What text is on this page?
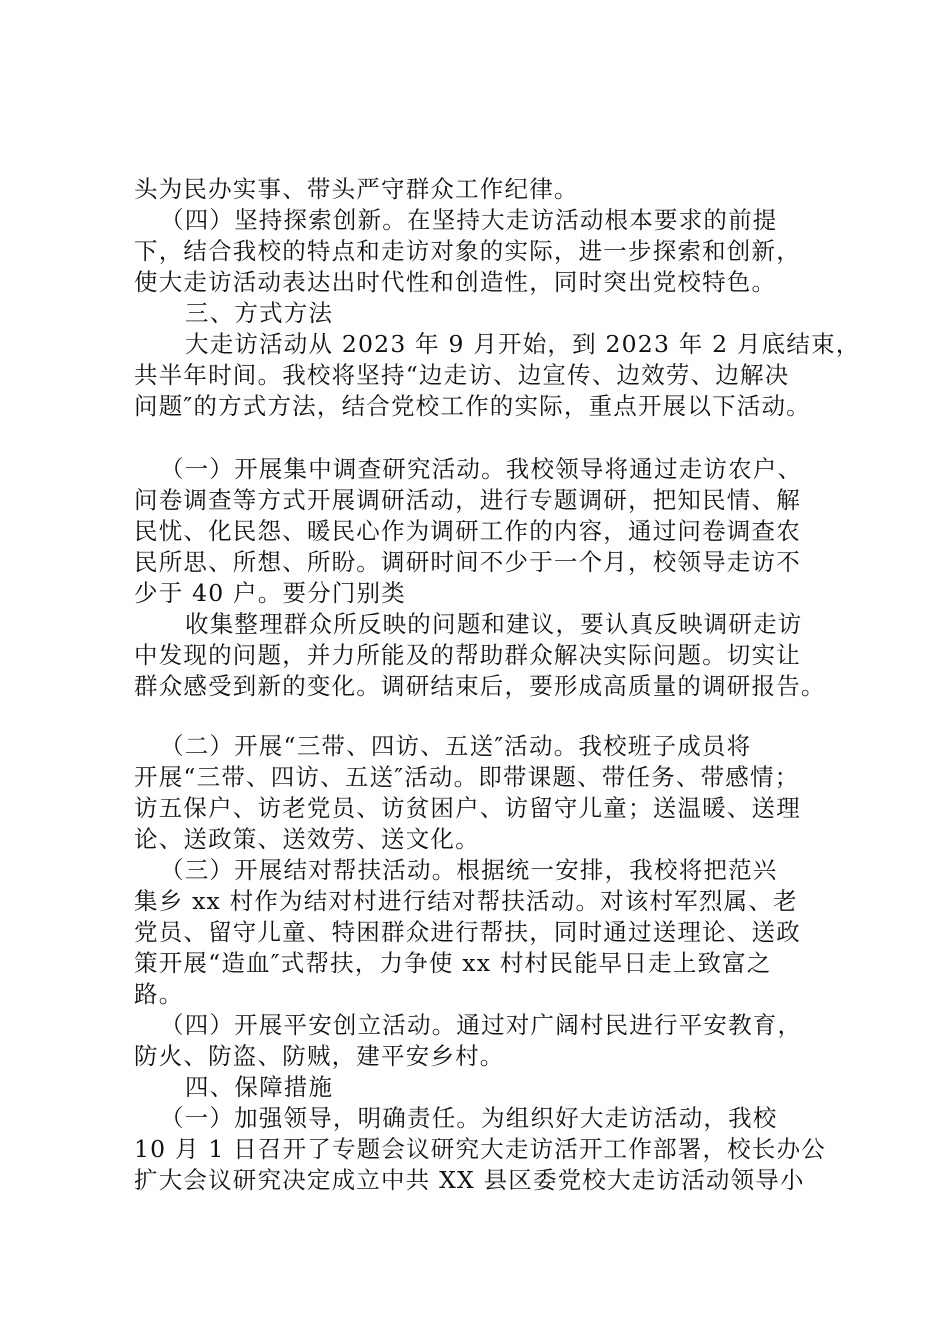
头为民办实事、带头严守群众工作纪律。
（四）坚持探索创新。在坚持大走访活动根本要求的前提
下，结合我校的特点和走访对象的实际，进一步探索和创新，
使大走访活动表达出时代性和创造性，同时突出党校特色。
三、方式方法
大走访活动从 2023 年 9 月开始，到 2023 年 2 月底结束，
共半年时间。我校将坚持“边走访、边宣传、边效劳、边解决
问题″的方式方法，结合党校工作的实际，重点开展以下活动。
（一）开展集中调查研究活动。我校领导将通过走访农户、
问卷调查等方式开展调研活动，进行专题调研，把知民情、解
民忧、化民怨、暖民心作为调研工作的内容，通过问卷调查农
民所思、所想、所盼。调研时间不少于一个月，校领导走访不
少于 40 户。要分门别类
收集整理群众所反映的问题和建议，要认真反映调研走访
中发现的问题，并力所能及的帮助群众解决实际问题。切实让
群众感受到新的变化。调研结束后，要形成高质量的调研报告。
（二）开展“三带、四访、五送″活动。我校班子成员将
开展“三带、四访、五送″活动。即带课题、带任务、带感情；
访五保户、访老党员、访贫困户、访留守儿童；送温暖、送理
论、送政策、送效劳、送文化。
（三）开展结对帮扶活动。根据统一安排，我校将把范兴
集乡 xx 村作为结对村进行结对帮扶活动。对该村军烈属、老
党员、留守儿童、特困群众进行帮扶，同时通过送理论、送政
策开展“造血″式帮扶，力争使 xx 村村民能早日走上致富之
路。
（四）开展平安创立活动。通过对广阔村民进行平安教育，
防火、防盗、防贼，建平安乡村。
四、保障措施
（一）加强领导，明确责任。为组织好大走访活动，我校
10 月 1 日召开了专题会议研究大走访活开工作部署，校长办公
扩大会议研究决定成立中共 XX 县区委党校大走访活动领导小
